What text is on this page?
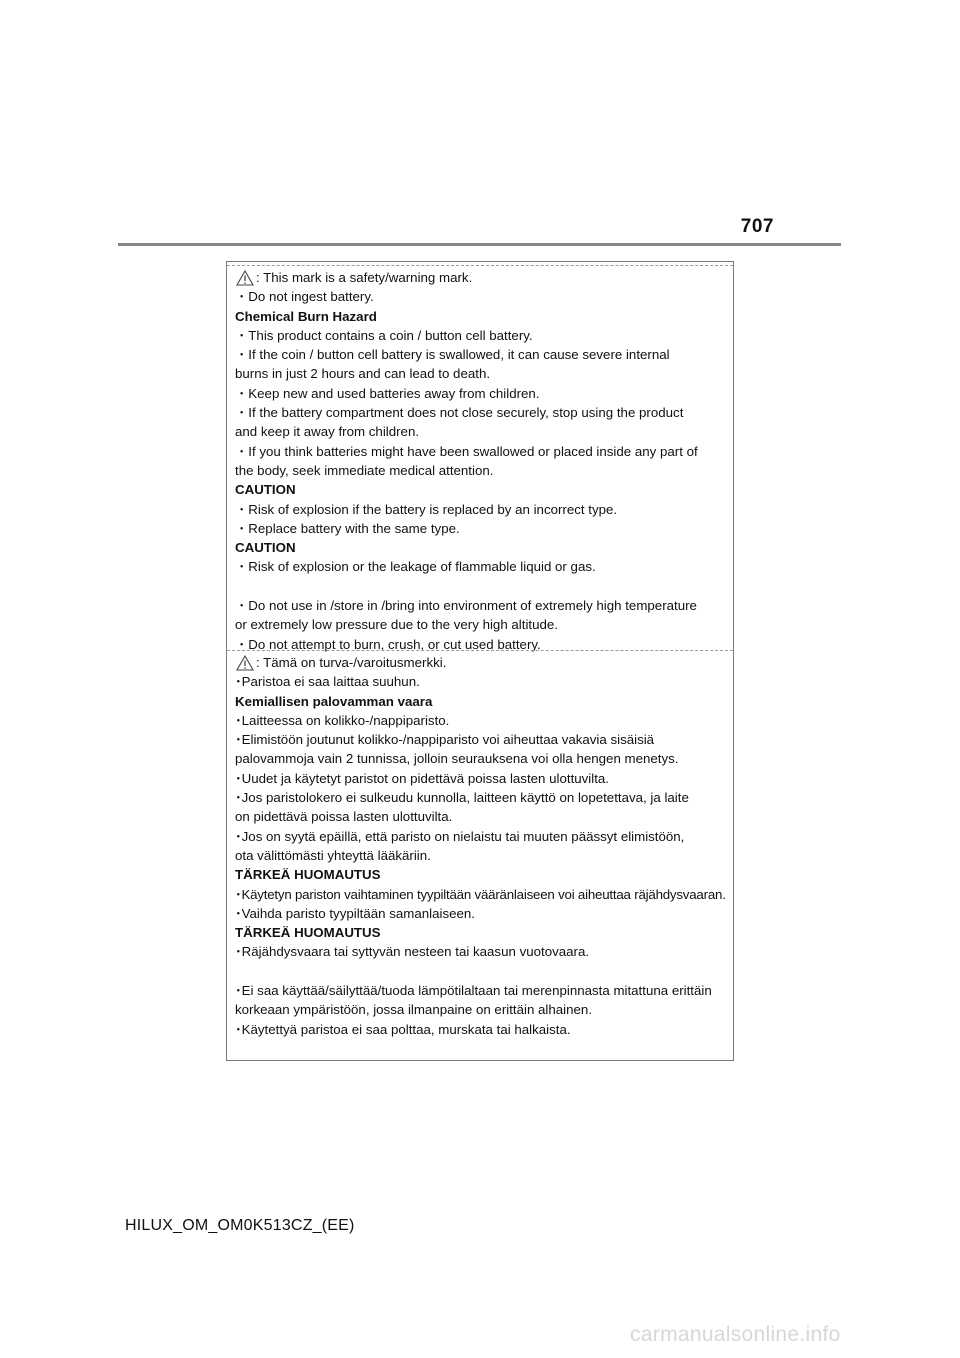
707
: This mark is a safety/warning mark.
・Do not ingest battery.
Chemical Burn Hazard
・This product contains a coin / button cell battery.
・If the coin / button cell battery is swallowed, it can cause severe internal
burns in just 2 hours and can lead to death.
・Keep new and used batteries away from children.
・If the battery compartment does not close securely, stop using the product
and keep it away from children.
・If you think batteries might have been swallowed or placed inside any part of
the body, seek immediate medical attention.
CAUTION
・Risk of explosion if the battery is replaced by an incorrect type.
・Replace battery with the same type.
CAUTION
・Risk of explosion or the leakage of flammable liquid or gas.
・Do not use in /store in /bring into environment of extremely high temperature
or extremely low pressure due to the very high altitude.
・Do not attempt to burn, crush, or cut used battery.
: Tämä on turva-/varoitusmerkki.
･Paristoa ei saa laittaa suuhun.
Kemiallisen palovamman vaara
･Laitteessa on kolikko-/nappiparisto.
･Elimistöön joutunut kolikko-/nappiparisto voi aiheuttaa vakavia sisäisiä
palovammoja vain 2 tunnissa, jolloin seurauksena voi olla hengen menetys.
･Uudet ja käytetyt paristot on pidettävä poissa lasten ulottuvilta.
･Jos paristolokero ei sulkeudu kunnolla, laitteen käyttö on lopetettava, ja laite
on pidettävä poissa lasten ulottuvilta.
･Jos on syytä epäillä, että paristo on nielaistu tai muuten päässyt elimistöön,
ota välittömästi yhteyttä lääkäriin.
TÄRKEÄ HUOMAUTUS
･Käytetyn pariston vaihtaminen tyypiltään vääränlaiseen voi aiheuttaa räjähdysvaaran.
･Vaihda paristo tyypiltään samanlaiseen.
TÄRKEÄ HUOMAUTUS
･Räjähdysvaara tai syttyvän nesteen tai kaasun vuotovaara.
･Ei saa käyttää/säilyttää/tuoda lämpötilaltaan tai merenpinnasta mitattuna erittäin
korkeaan ympäristöön, jossa ilmanpaine on erittäin alhainen.
･Käytettyä paristoa ei saa polttaa, murskata tai halkaista.
HILUX_OM_OM0K513CZ_(EE)
carmanualsonline.info
